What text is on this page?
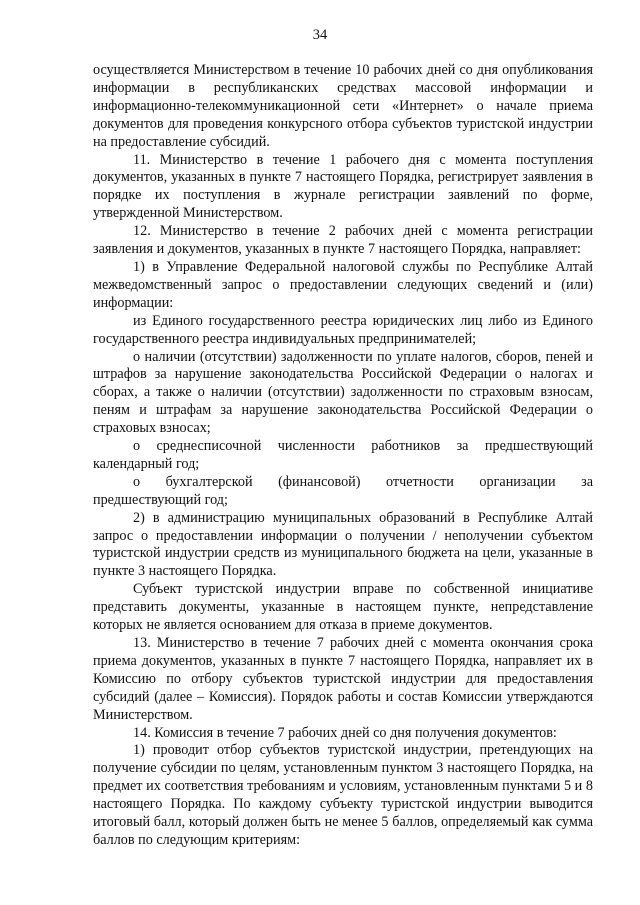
34

осуществляется Министерством в течение 10 рабочих дней со дня опубликования информации в республиканских средствах массовой информации и информационно-телекоммуникационной сети «Интернет» о начале приема документов для проведения конкурсного отбора субъектов туристской индустрии на предоставление субсидий.

11. Министерство в течение 1 рабочего дня с момента поступления документов, указанных в пункте 7 настоящего Порядка, регистрирует заявления в порядке их поступления в журнале регистрации заявлений по форме, утвержденной Министерством.

12. Министерство в течение 2 рабочих дней с момента регистрации заявления и документов, указанных в пункте 7 настоящего Порядка, направляет:

1) в Управление Федеральной налоговой службы по Республике Алтай межведомственный запрос о предоставлении следующих сведений и (или) информации:

из Единого государственного реестра юридических лиц либо из Единого государственного реестра индивидуальных предпринимателей;

о наличии (отсутствии) задолженности по уплате налогов, сборов, пеней и штрафов за нарушение законодательства Российской Федерации о налогах и сборах, а также о наличии (отсутствии) задолженности по страховым взносам, пеням и штрафам за нарушение законодательства Российской Федерации о страховых взносах;

о среднесписочной численности работников за предшествующий календарный год;

о бухгалтерской (финансовой) отчетности организации за предшествующий год;

2) в администрацию муниципальных образований в Республике Алтай запрос о предоставлении информации о получении / неполучении субъектом туристской индустрии средств из муниципального бюджета на цели, указанные в пункте 3 настоящего Порядка.

Субъект туристской индустрии вправе по собственной инициативе представить документы, указанные в настоящем пункте, непредставление которых не является основанием для отказа в приеме документов.

13. Министерство в течение 7 рабочих дней с момента окончания срока приема документов, указанных в пункте 7 настоящего Порядка, направляет их в Комиссию по отбору субъектов туристской индустрии для предоставления субсидий (далее – Комиссия). Порядок работы и состав Комиссии утверждаются Министерством.

14. Комиссия в течение 7 рабочих дней со дня получения документов:

1) проводит отбор субъектов туристской индустрии, претендующих на получение субсидии по целям, установленным пунктом 3 настоящего Порядка, на предмет их соответствия требованиям и условиям, установленным пунктами 5 и 8 настоящего Порядка. По каждому субъекту туристской индустрии выводится итоговый балл, который должен быть не менее 5 баллов, определяемый как сумма баллов по следующим критериям:
